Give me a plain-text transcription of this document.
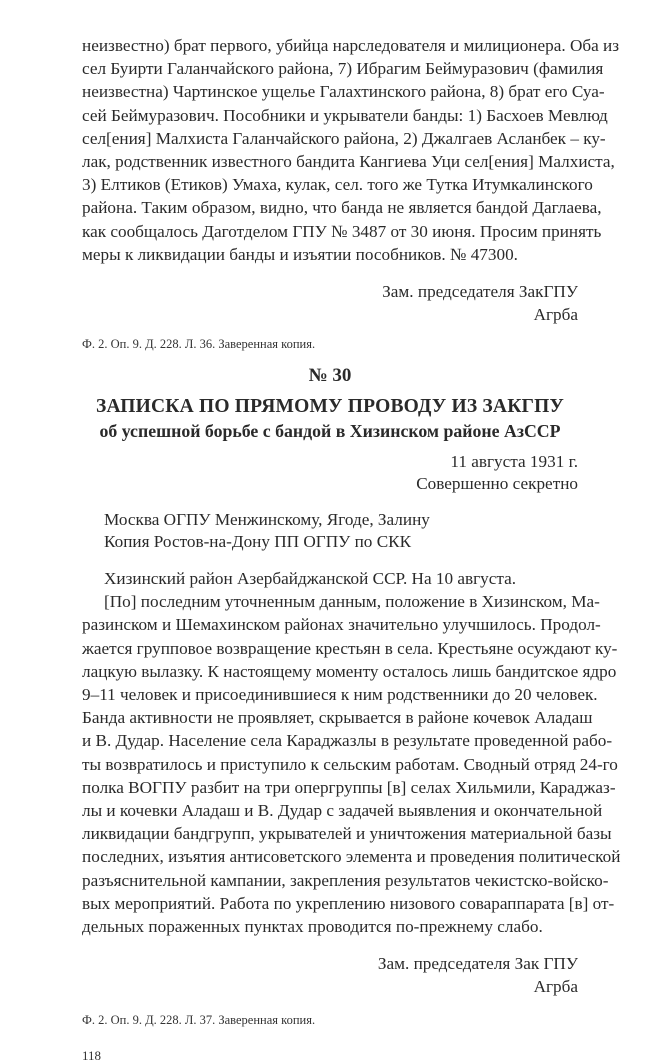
неизвестно) брат первого, убийца нарследователя и милиционера. Оба из
сел Буирти Галанчайского района, 7) Ибрагим Беймуразович (фамилия
неизвестна) Чартинское ущелье Галахтинского района, 8) брат его Суа-
сей Беймуразович. Пособники и укрыватели банды: 1) Басхоев Мевлюд
сел[ения] Малхиста Галанчайского района, 2) Джалгаев Асланбек – ку-
лак, родственник известного бандита Кангиева Уци сел[ения] Малхиста,
3) Елтиков (Етиков) Умаха, кулак, сел. того же Тутка Итумкалинского
района. Таким образом, видно, что банда не является бандой Даглаева,
как сообщалось Даготделом ГПУ № 3487 от 30 июня. Просим принять
меры к ликвидации банды и изъятии пособников. № 47300.

Зам. председателя ЗакГПУ

Агрба

Ф. 2. Оп. 9. Д. 228. Л. 36. Заверенная копия.

№ 30

ЗАПИСКА ПО ПРЯМОМУ ПРОВОДУ ИЗ ЗАКГПУ

об успешной борьбе с бандой в Хизинском районе АзССР

11 августа 1931 г.

Совершенно секретно

Москва ОГПУ Менжинскому, Ягоде, Залину

Копия Ростов-на-Дону ПП ОГПУ по СКК

Хизинский район Азербайджанской ССР. На 10 августа.
[По] последним уточненным данным, положение в Хизинском, Ма-
разинском и Шемахинском районах значительно улучшилось. Продол-
жается групповое возвращение крестьян в села. Крестьяне осуждают ку-
лацкую вылазку. К настоящему моменту осталось лишь бандитское ядро
9–11 человек и присоединившиеся к ним родственники до 20 человек.
Банда активности не проявляет, скрывается в районе кочевок Аладаш
и В. Дудар. Население села Караджазлы в результате проведенной рабо-
ты возвратилось и приступило к сельским работам. Сводный отряд 24-го
полка ВОГПУ разбит на три опергруппы [в] селах Хильмили, Караджаз-
лы и кочевки Аладаш и В. Дудар с задачей выявления и окончательной
ликвидации бандгрупп, укрывателей и уничтожения материальной базы
последних, изъятия антисоветского элемента и проведения политической
разъяснительной кампании, закрепления результатов чекистско-войско-
вых мероприятий. Работа по укреплению низового совараппарата [в] от-
дельных пораженных пунктах проводится по-прежнему слабо.

Зам. председателя Зак ГПУ

Агрба

Ф. 2. Оп. 9. Д. 228. Л. 37. Заверенная копия.

118
